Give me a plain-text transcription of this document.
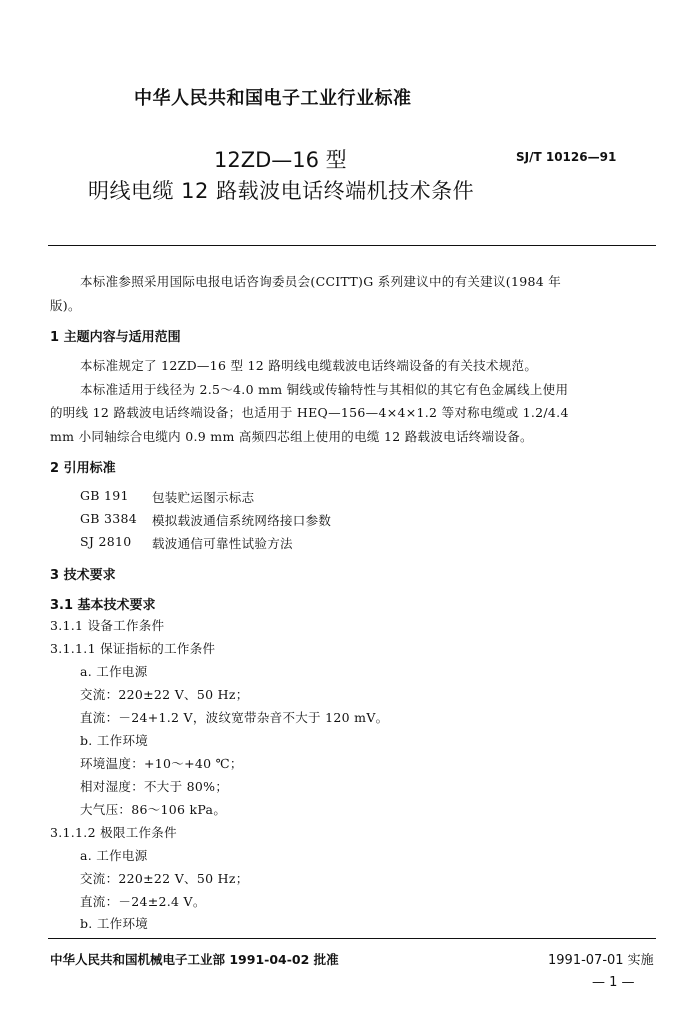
中华人民共和国电子工业行业标准
12ZD—16 型	SJ/T 10126—91
明线电缆 12 路载波电话终端机技术条件
本标准参照采用国际电报电话咨询委员会(CCITT)G 系列建议中的有关建议(1984 年
版)。
1 主题内容与适用范围
本标准规定了 12ZD—16 型 12 路明线电缆载波电话终端设备的有关技术规范。
本标准适用于线径为 2.5～4.0 mm 铜线或传输特性与其相似的其它有色金属线上使用
的明线 12 路载波电话终端设备；也适用于 HEQ—156—4×4×1.2 等对称电缆或 1.2/4.4
mm 小同轴综合电缆内 0.9 mm 高频四芯组上使用的电缆 12 路载波电话终端设备。
2 引用标准
GB 191 包装贮运图示标志
GB 3384 模拟载波通信系统网络接口参数
SJ 2810 载波通信可靠性试验方法
3 技术要求
3.1 基本技术要求
3.1.1 设备工作条件
3.1.1.1 保证指标的工作条件
a. 工作电源
交流：220±22 V、50 Hz；
直流：－24+1.2 V，波纹宽带杂音不大于 120 mV。
b. 工作环境
环境温度：+10～+40 ℃；
相对湿度：不大于 80%；
大气压：86～106 kPa。
3.1.1.2 极限工作条件
a. 工作电源
交流：220±22 V、50 Hz；
直流：－24±2.4 V。
b. 工作环境
中华人民共和国机械电子工业部 1991-04-02 批准	1991-07-01 实施
— 1 —
